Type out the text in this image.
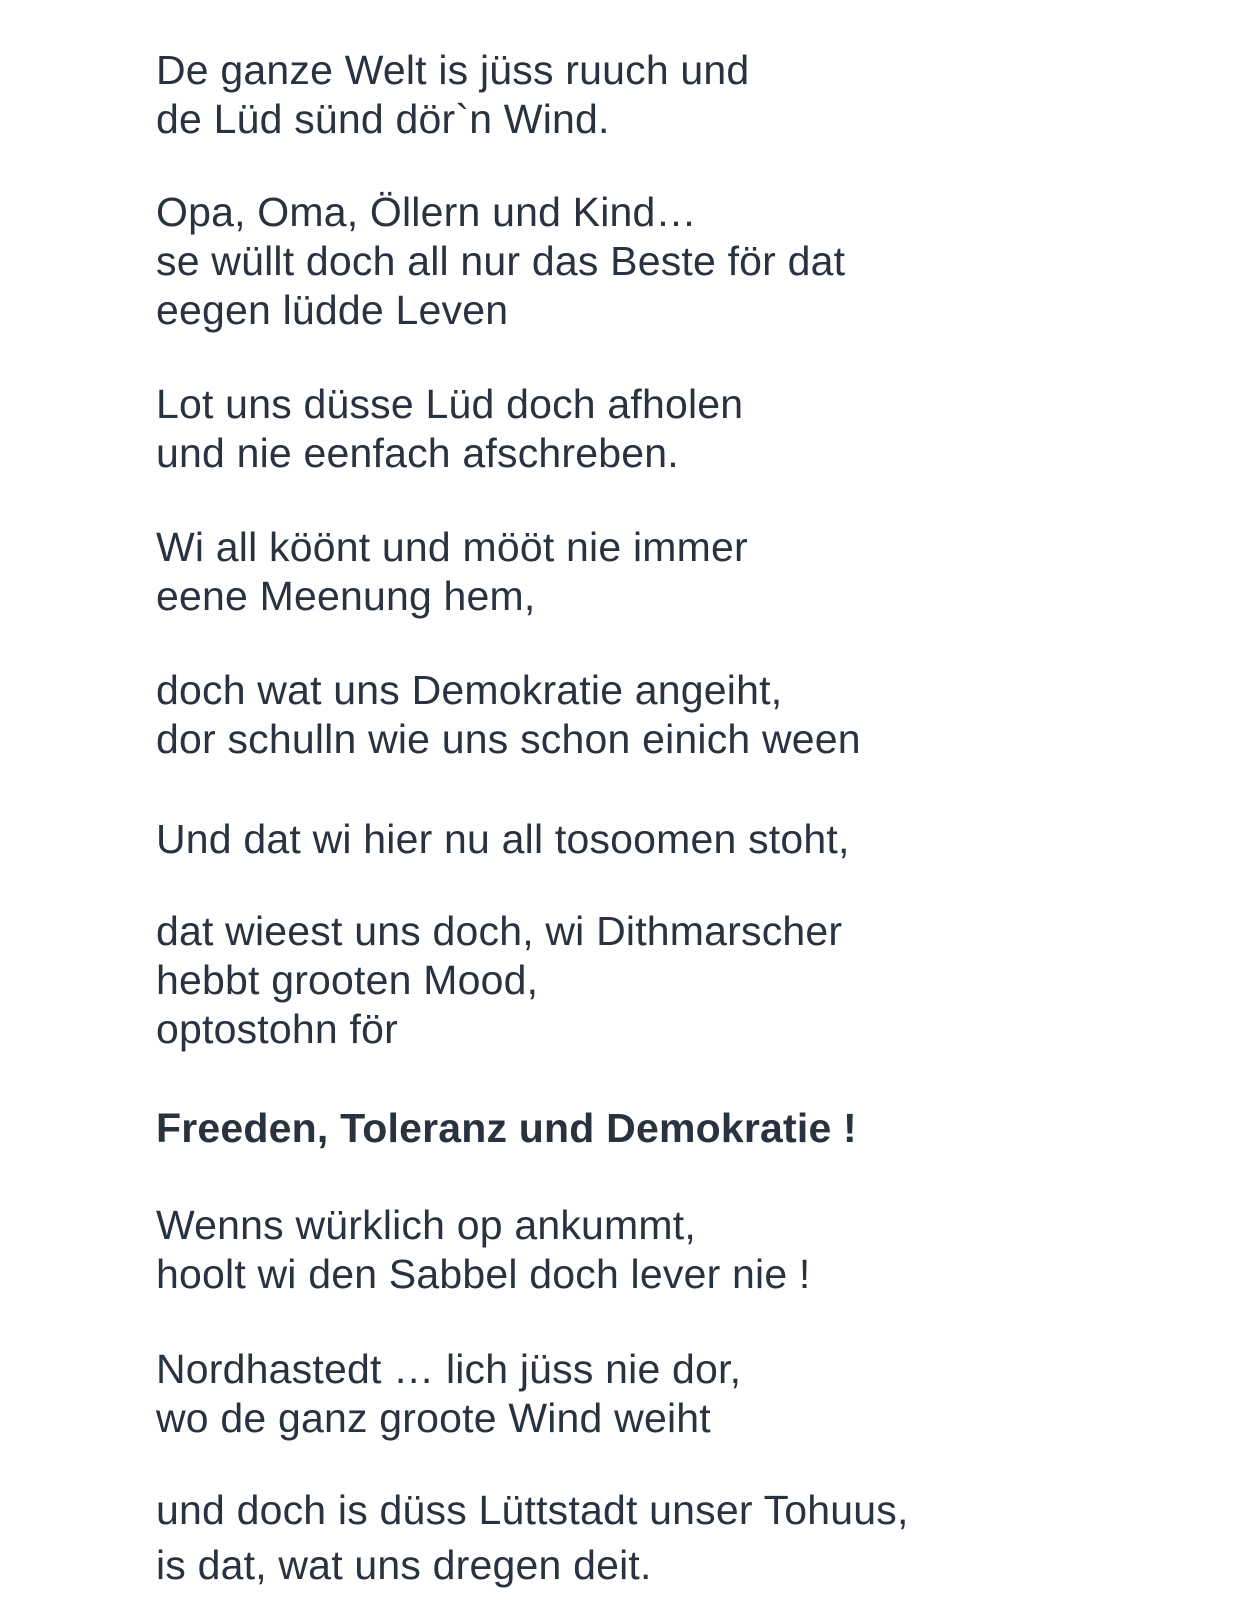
De ganze Welt is jüss ruuch und
de Lüd sünd dör`n Wind.
Opa, Oma, Öllern und Kind…
se wüllt doch all nur das Beste för dat
eegen lüdde Leven
Lot uns düsse Lüd doch afholen
und nie eenfach afschreben.
Wi all köönt und mööt nie immer
eene Meenung hem,
doch wat uns Demokratie angeiht,
dor schulln wie uns schon einich ween
Und dat wi hier nu all tosoomen stoht,
dat wieest uns doch, wi Dithmarscher
hebbt grooten Mood,
optostohn för
Freeden, Toleranz und Demokratie !
Wenns würklich op ankummt,
hoolt wi den Sabbel doch lever nie !
Nordhastedt … lich jüss nie dor,
wo de ganz groote Wind weiht
und doch is düss Lüttstadt unser Tohuus,
is dat, wat uns dregen deit.
